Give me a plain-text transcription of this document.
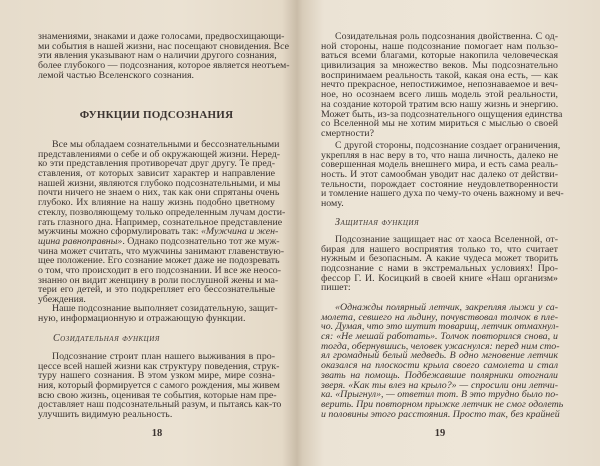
знамениями, знаками и даже голосами, предвосхищающи-
ми события в нашей жизни, нас посещают сновидения. Все
эти явления указывают нам о наличии другого сознания,
более глубокого — подсознания, которое является неотъем-
лемой частью Вселенского сознания.
ФУНКЦИИ ПОДСОЗНАНИЯ
Все мы обладаем сознательными и бессознательными
представлениями о себе и об окружающей жизни. Неред-
ко эти представления противоречат друг другу. Те пред-
ставления, от которых зависит характер и направление
нашей жизни, являются глубоко подсознательными, и мы
почти ничего не знаем о них, так как они спрятаны очень
глубоко. Их влияние на нашу жизнь подобно цветному
стеклу, позволяющему только определенным лучам дости-
гать глазного дна. Например, сознательное представление
мужчины можно сформулировать так: «Мужчина и жен-
щина равноправны». Однако подсознательно тот же муж-
чина может считать, что мужчины занимают главенствую-
щее положение. Его сознание может даже не подозревать
о том, что происходит в его подсознании. И все же неосо-
знанно он видит женщину в роли послушной жены и ма-
тери его детей, и это подкрепляет его бессознательные
убеждения.
Наше подсознание выполняет созидательную, защит-
ную, информационную и отражающую функции.
Созидательная функция
Подсознание строит план нашего выживания в про-
цессе всей нашей жизни как структуру поведения, струк-
туру нашего сознания. В этом узком мире, мире созна-
ния, который формируется с самого рождения, мы живем
всю свою жизнь, оценивая те события, которые нам пре-
доставляет наш подсознательный разум, и пытаясь как-то
улучшить видимую реальность.
18
Созидательная роль подсознания двойственна. С од-
ной стороны, наше подсознание помогает нам пользо-
ваться всеми благами, которые накопила человеческая
цивилизация за множество веков. Мы подсознательно
воспринимаем реальность такой, какая она есть, — как
нечто прекрасное, непостижимое, непознаваемое и веч-
ное, но осознаем всего лишь модель этой реальности,
на создание которой тратим всю нашу жизнь и энергию.
Может быть, из-за подсознательного ощущения единства
со Вселенной мы не хотим мириться с мыслью о своей
смертности?
С другой стороны, подсознание создает ограничения,
укрепляя в нас веру в то, что наша личность, далеко не
совершенная модель внешнего мира, и есть сама реаль-
ность. И этот самообман уводит нас далеко от действи-
тельности, порождает состояние неудовлетворенности
и томление нашего духа по чему-то очень важному и веч-
ному.
Защитная функция
Подсознание защищает нас от хаоса Вселенной, от-
бирая для нашего восприятия только то, что считает
нужным и безопасным. А какие чудеса может творить
подсознание с нами в экстремальных условиях! Про-
фессор Г. И. Косицкий в своей книге «Наш организм»
пишет:
«Однажды полярный летчик, закрепляя лыжи у са-
молета, севшего на льдину, почувствовал толчок в пле-
чо. Думая, что это шутит товарищ, летчик отмахнул-
ся: «Не мешай работать». Толчок повторился снова, и
тогда, обернувшись, человек ужаснулся: перед ним сто-
ял громадный белый медведь. В одно мгновение летчик
оказался на плоскости крыла своего самолета и стал
звать на помощь. Подбежавшие полярники отогнали
зверя. «Как ты влез на крыло?» — спросили они летчи-
ка. «Прыгнул», — ответил тот. В это трудно было по-
верить. При повторном прыжке летчик не смог одолеть
и половины этого расстояния. Просто так, без крайней
19
